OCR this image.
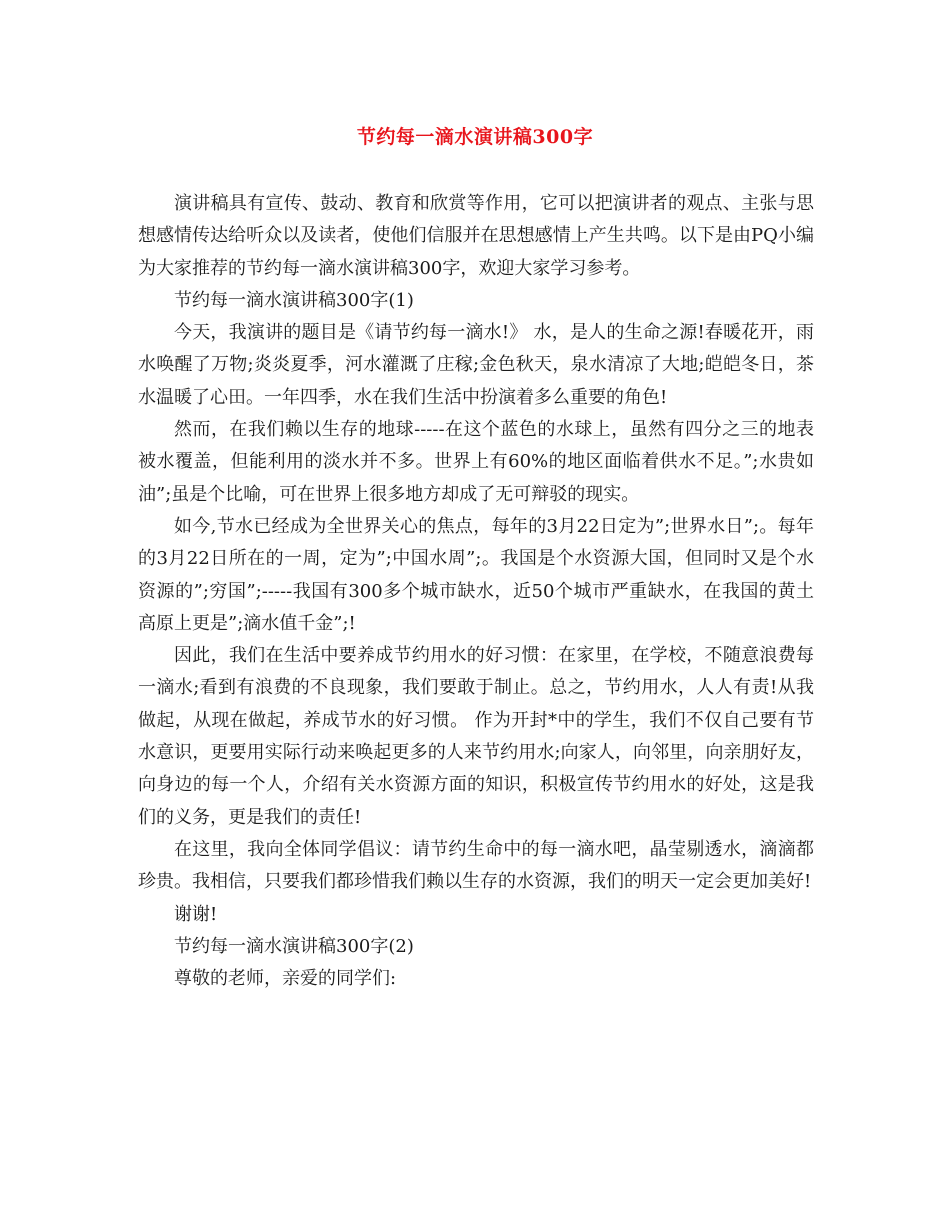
节约每一滴水演讲稿300字

演讲稿具有宣传、鼓动、教育和欣赏等作用，它可以把演讲者的观点、主张与思想感情传达给听众以及读者，使他们信服并在思想感情上产生共鸣。以下是由PQ小编为大家推荐的节约每一滴水演讲稿300字，欢迎大家学习参考。

节约每一滴水演讲稿300字(1)

今天，我演讲的题目是《请节约每一滴水!》 水，是人的生命之源!春暖花开，雨水唤醒了万物;炎炎夏季，河水灌溉了庄稼;金色秋天，泉水清凉了大地;皑皑冬日，茶水温暖了心田。一年四季，水在我们生活中扮演着多么重要的角色!

然而，在我们赖以生存的地球-----在这个蓝色的水球上，虽然有四分之三的地表被水覆盖，但能利用的淡水并不多。世界上有60%的地区面临着供水不足。”;水贵如油”;虽是个比喻，可在世界上很多地方却成了无可辩驳的现实。

如今,节水已经成为全世界关心的焦点，每年的3月22日定为”;世界水日”;。每年的3月22日所在的一周，定为”;中国水周”;。我国是个水资源大国，但同时又是个水资源的”;穷国”;-----我国有300多个城市缺水，近50个城市严重缺水，在我国的黄土高原上更是”;滴水值千金”;!

因此，我们在生活中要养成节约用水的好习惯：在家里，在学校，不随意浪费每一滴水;看到有浪费的不良现象，我们要敢于制止。总之，节约用水，人人有责!从我做起，从现在做起，养成节水的好习惯。 作为开封*中的学生，我们不仅自己要有节水意识，更要用实际行动来唤起更多的人来节约用水;向家人，向邻里，向亲朋好友，向身边的每一个人，介绍有关水资源方面的知识，积极宣传节约用水的好处，这是我们的义务，更是我们的责任!

在这里，我向全体同学倡议：请节约生命中的每一滴水吧，晶莹剔透水，滴滴都珍贵。我相信，只要我们都珍惜我们赖以生存的水资源，我们的明天一定会更加美好!

谢谢!

节约每一滴水演讲稿300字(2)

尊敬的老师，亲爱的同学们:
